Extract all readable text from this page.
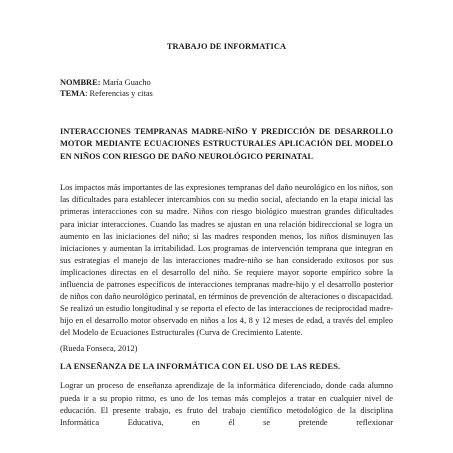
TRABAJO DE INFORMATICA

NOMBRE: María Guacho
TEMA: Referencias y citas
INTERACCIONES TEMPRANAS MADRE-NIÑO Y PREDICCIÓN DE DESARROLLO MOTOR MEDIANTE ECUACIONES ESTRUCTURALES APLICACIÓN DEL MODELO EN NIÑOS CON RIESGO DE DAÑO NEUROLÓGICO PERINATAL
Los impactos más importantes de las expresiones tempranas del daño neurológico en los niños, son las dificultades para establecer intercambios con su medio social, afectando en la etapa inicial las primeras interacciones con su madre. Niños con riesgo biológico muestran grandes dificultades para iniciar interacciones. Cuando las madres se ajustan en una relación bidireccional se logra un aumento en las iniciaciones del niño; si las madres responden menos, los niños disminuyen las iniciaciones y aumentan la irritabilidad. Los programas de intervención temprana que integran en sus estrategias el manejo de las interacciones madre-niño se han considerado exitosos por sus implicaciones directas en el desarrollo del niño. Se requiere mayor soporte empírico sobre la influencia de patrones específicos de interacciones tempranas madre-hijo y el desarrollo posterior de niños con daño neurológico perinatal, en términos de prevención de alteraciones o discapacidad. Se realizó un estudio longitudinal y se reporta el efecto de las interacciones de reciprocidad madre-hijo en el desarrollo motor observado en niños a los 4, 8 y 12 meses de edad, a través del empleo del Modelo de Ecuaciones Estructurales (Curva de Crecimiento Latente.
(Rueda Fonseca, 2012)
LA ENSEÑANZA DE LA INFORMÁTICA CON EL USO DE LAS REDES.
Lograr un proceso de enseñanza aprendizaje de la informática diferenciado, donde cada alumno pueda ir a su propio ritmo, es uno de los temas más complejos a tratar en cualquier nivel de educación. El presente trabajo, es fruto del trabajo científico metodológico de la disciplina Informática Educativa, en él se pretende reflexionar
